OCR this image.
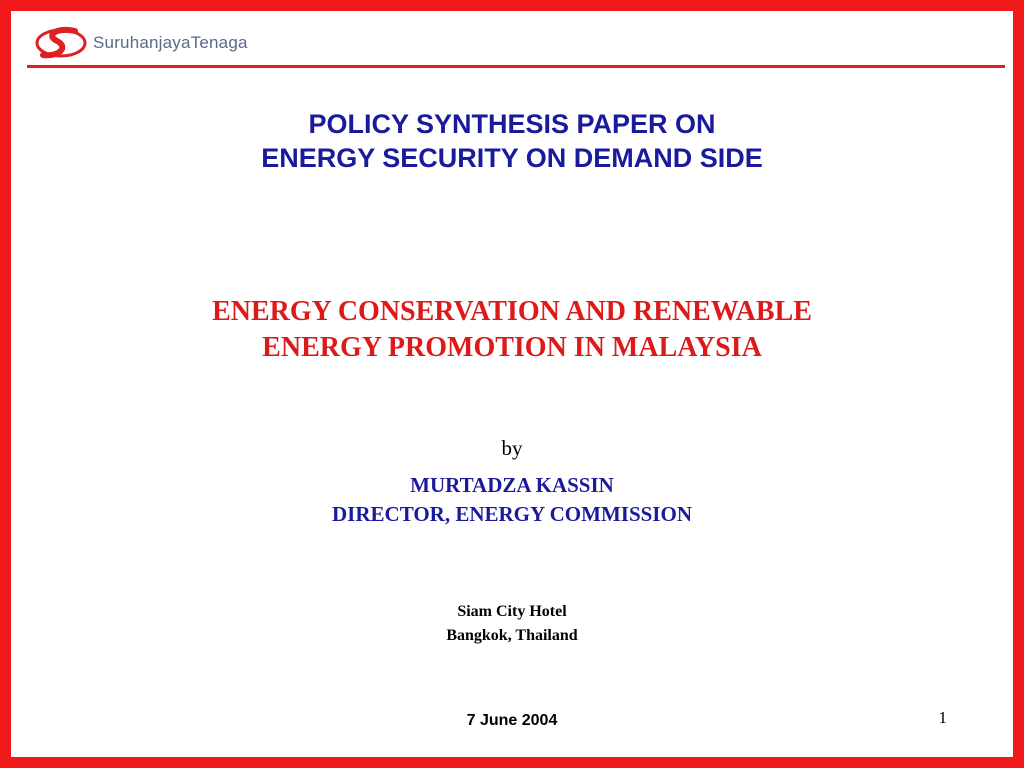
SuruhanjayaTenaga
POLICY SYNTHESIS PAPER ON
ENERGY SECURITY ON DEMAND SIDE
ENERGY CONSERVATION AND RENEWABLE
ENERGY PROMOTION IN MALAYSIA
by
MURTADZA KASSIN
DIRECTOR, ENERGY COMMISSION
Siam City Hotel
Bangkok, Thailand
7 June 2004	1
